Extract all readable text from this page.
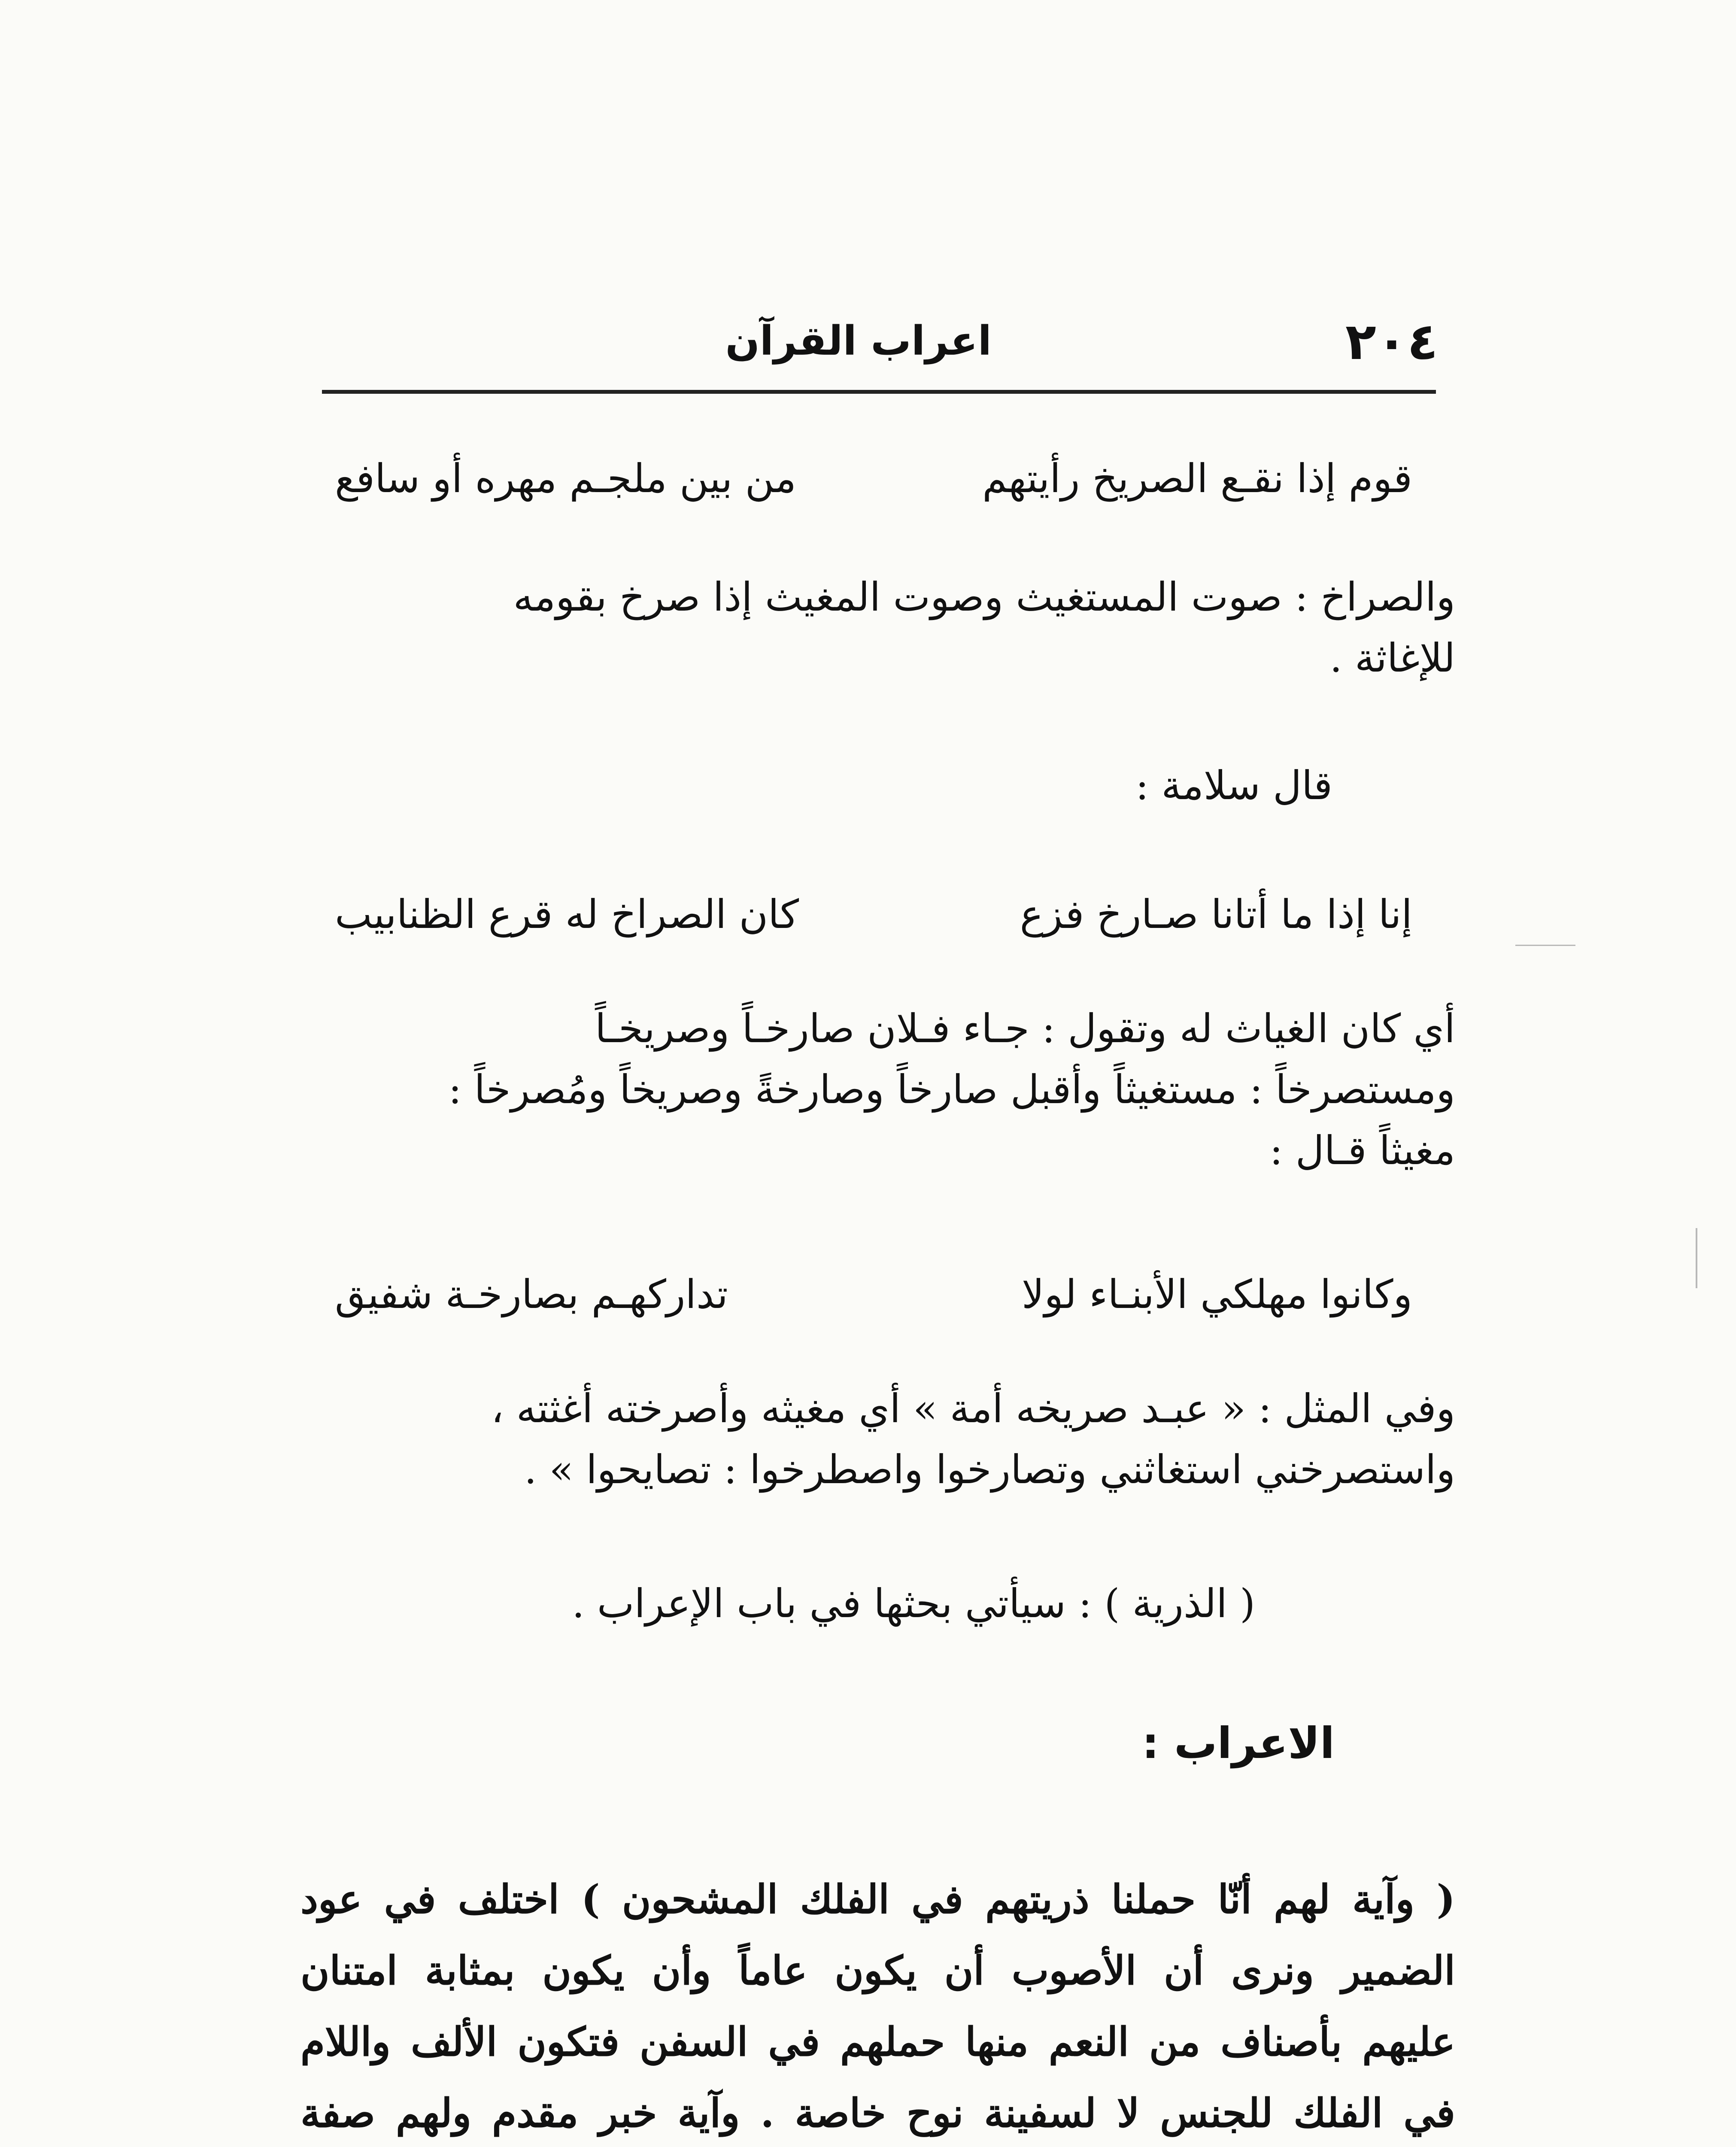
٢٠٤
اعراب القرآن
قوم إذا نقـع الصريخ رأيتهم
من بين ملجـم مهره أو سافع
والصراخ : صوت المستغيث وصوت المغيث إذا صرخ بقومه
للإغاثة .
قال سلامة :
إنا إذا ما أتانا صـارخ فزع
كان الصراخ له قرع الظنابيب
أي كان الغياث له وتقول : جـاء فـلان صارخـاً وصريخـاً
ومستصرخاً : مستغيثاً وأقبل صارخاً وصارخةً وصريخاً ومُصرخاً :
مغيثاً قـال :
وكانوا مهلكي الأبنـاء لولا
تداركهـم بصارخـة شفيق
وفي المثل : « عبـد صريخه أمة » أي مغيثه وأصرخته أغثته ،
واستصرخني استغاثني وتصارخوا واصطرخوا : تصايحوا » .
( الذرية ) : سيأتي بحثها في باب الإعراب .
الاعراب :
( وآية لهم أنّا حملنا ذريتهم في الفلك المشحون ) اختلف في عود
الضمير ونرى أن الأصوب أن يكون عاماً وأن يكون بمثابة امتنان
عليهم بأصناف من النعم منها حملهم في السفن فتكون الألف واللام
في الفلك للجنس لا لسفينة نوح خاصة . وآية خبر مقدم ولهم صفة
